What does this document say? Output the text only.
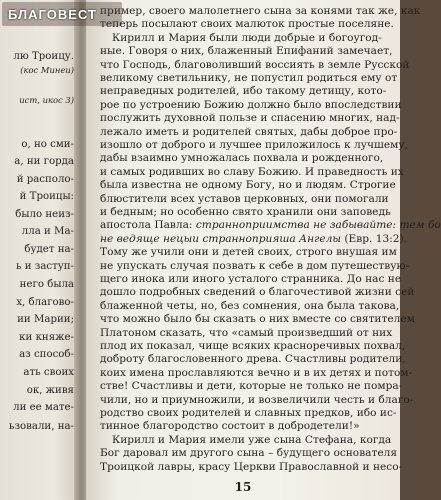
лю Троицу.
(кос Минеи)
ист, икос 3)
о, но сми-
а, ни горда
й располо-
й Троицы:
было неиз-
лла и Ма-
будет на-
ь и заступ-
него была
х, благово-
ии Марии;
ки княже-
аз способ-
ать своих
ок, живя
ли ее мате-
ьзовали, на-
15
пример, своего малолетнего сына за конями так же, как
теперь посылают своих малюток простые поселяне.
Кирилл и Мария были люди добрые и богоугод-
ные. Говоря о них, блаженный Епифаний замечает,
что Господь, благоволивший воссиять в земле Русской
великому светильнику, не попустил родиться ему от
неправедных родителей, ибо такому детищу, кото-
рое по устроению Божию должно было впоследствии
послужить духовной пользе и спасению многих, над-
лежало иметь и родителей святых, дабы доброе про-
изошло от доброго и лучшее приложилось к лучшему,
дабы взаимно умножалась похвала и рожденного,
и самых родивших во славу Божию. И праведность их
была известна не одному Богу, но и людям. Строгие
блюстители всех уставов церковных, они помогали
и бедным; но особенно свято хранили они заповедь
апостола Павла: странноприимства не забывайте: тем бо
не ведяще нецыи странноприяша Ангелы (Евр. 13:2).
Тому же учили они и детей своих, строго внушая им
не упускать случая позвать к себе в дом путешествую-
щего инока или иного усталого странника. До нас не
дошло подробных сведений о благочестивой жизни сей
блаженной четы, но, без сомнения, она была такова,
что можно было бы сказать о них вместе со святителем
Платоном сказать, что «самый произведший от них
плод их показал, чище всяких красноречивых похвал,
доброту благословенного древа. Счастливы родители,
коих имена прославляются вечно и в их детях и потом-
стве! Счастливы и дети, которые не только не помра-
чили, но и приумножили, и возвеличили честь и благо-
родство своих родителей и славных предков, ибо ис-
тинное благородство состоит в добродетели!»
Кирилл и Мария имели уже сына Стефана, когда
Бог даровал им другого сына – будущего основателя
Троицкой лавры, красу Церкви Православной и несо-
БЛАГОВЕСТ
